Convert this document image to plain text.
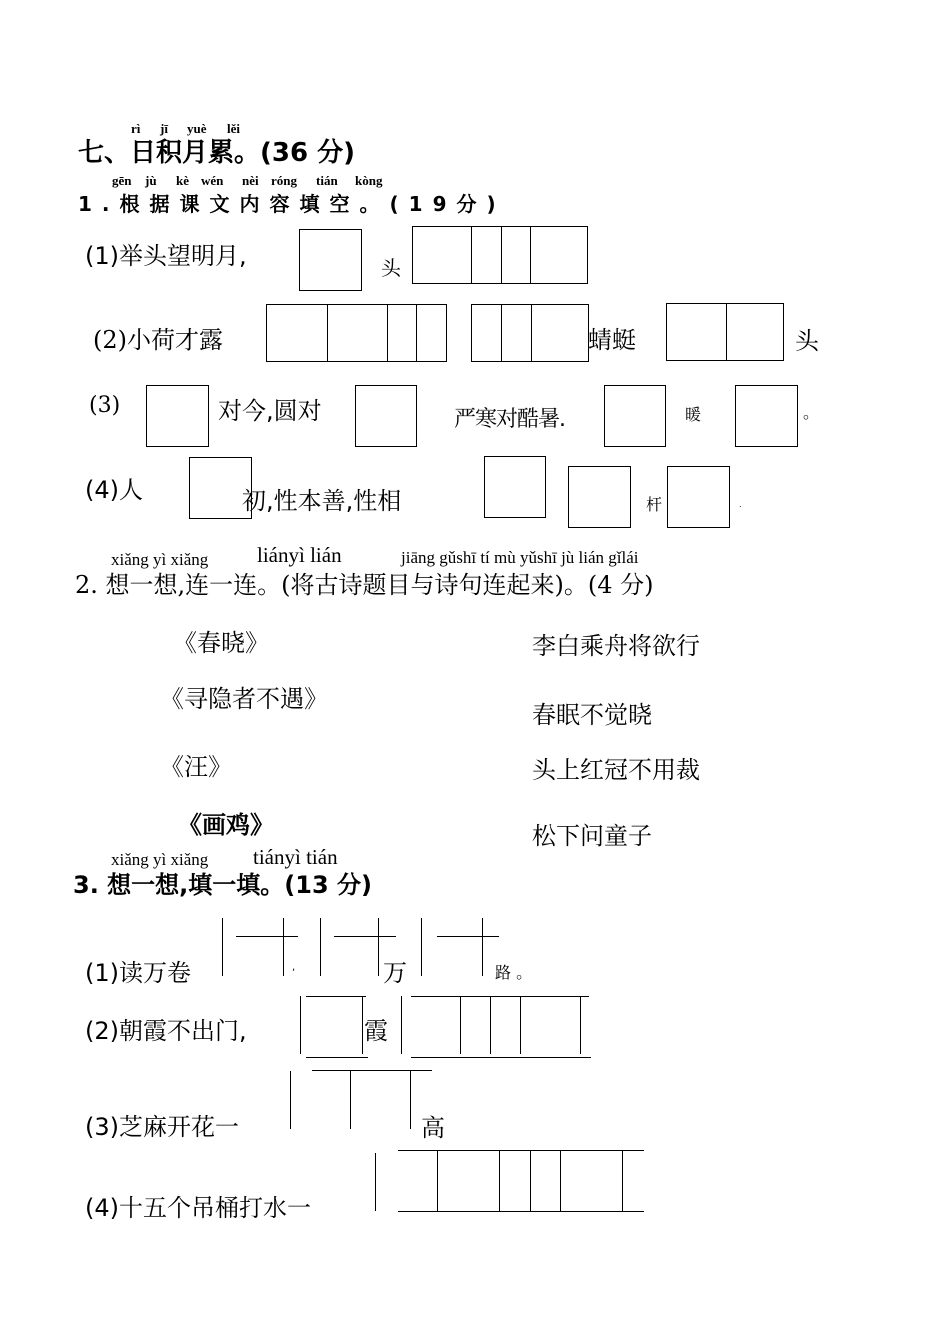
rì jī yuè lěi
七、日积月累。(36 分)
gēn jù kè wén nèi róng tián kòng
1.根据课文内容填空。(19分)
(1)举头望明月,	头
(2)小荷才露	蜻蜓	头
(3)	对今,圆对	严寒对酷暑.	暖	。
(4)人	初,性本善,性相	杆	.
xiǎng yì xiǎng liányì lián	jiāng gǔshī tí mù yǔshī jù lián gǐlái
2. 想一想,连一连。(将古诗题目与诗句连起来)。(4 分)
《春晓》
《寻隐者不遇》
《汪》
《画鸡》
李白乘舟将欲行
春眠不觉晓
头上红冠不用裁
松下问童子
xiǎng yì xiǎng tiányì tián
3. 想一想,填一填。(13 分)
(1)读万卷	,	万	路 。
(2)朝霞不出门,	霞
(3)芝麻开花一	高
(4)十五个吊桶打水一
